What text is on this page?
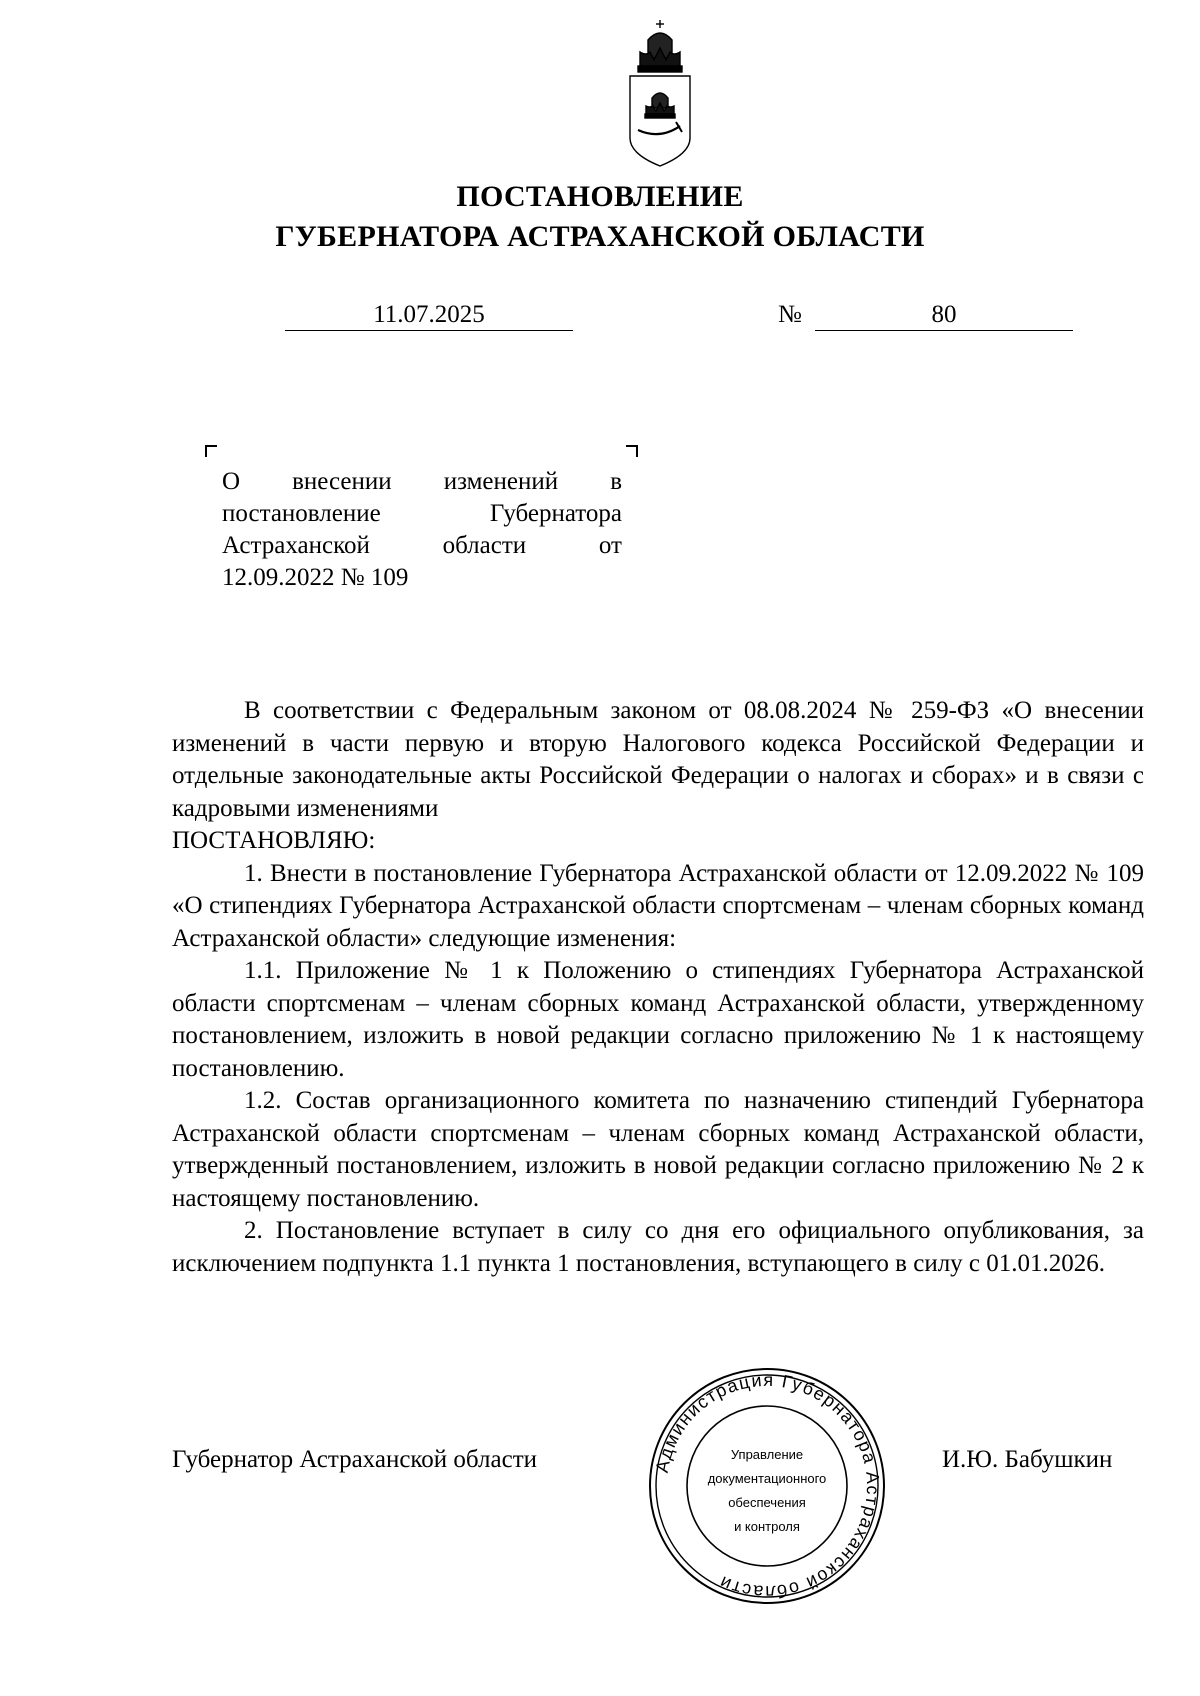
ПОСТАНОВЛЕНИЕ
ГУБЕРНАТОРА АСТРАХАНСКОЙ ОБЛАСТИ
11.07.2025	№	80
О внесении изменений в
постановление Губернатора
Астраханской области от
12.09.2022 № 109

В соответствии с Федеральным законом от 08.08.2024 № 259-ФЗ «О внесении изменений в части первую и вторую Налогового кодекса Российской Федерации и отдельные законодательные акты Российской Федерации о налогах и сборах» и в связи с кадровыми изменениями

ПОСТАНОВЛЯЮ:

1. Внести в постановление Губернатора Астраханской области от 12.09.2022 № 109 «О стипендиях Губернатора Астраханской области спортсменам – членам сборных команд Астраханской области» следующие изменения:

1.1. Приложение № 1 к Положению о стипендиях Губернатора Астраханской области спортсменам – членам сборных команд Астраханской области, утвержденному постановлением, изложить в новой редакции согласно приложению № 1 к настоящему постановлению.

1.2. Состав организационного комитета по назначению стипендий Губернатора Астраханской области спортсменам – членам сборных команд Астраханской области, утвержденный постановлением, изложить в новой редакции согласно приложению № 2 к настоящему постановлению.

2. Постановление вступает в силу со дня его официального опубликования, за исключением подпункта 1.1 пункта 1 постановления, вступающего в силу с 01.01.2026.

Губернатор Астраханской области	И.Ю. Бабушкин
Администрация Губернатора Астраханской области
Управление
документационного
обеспечения
и контроля
